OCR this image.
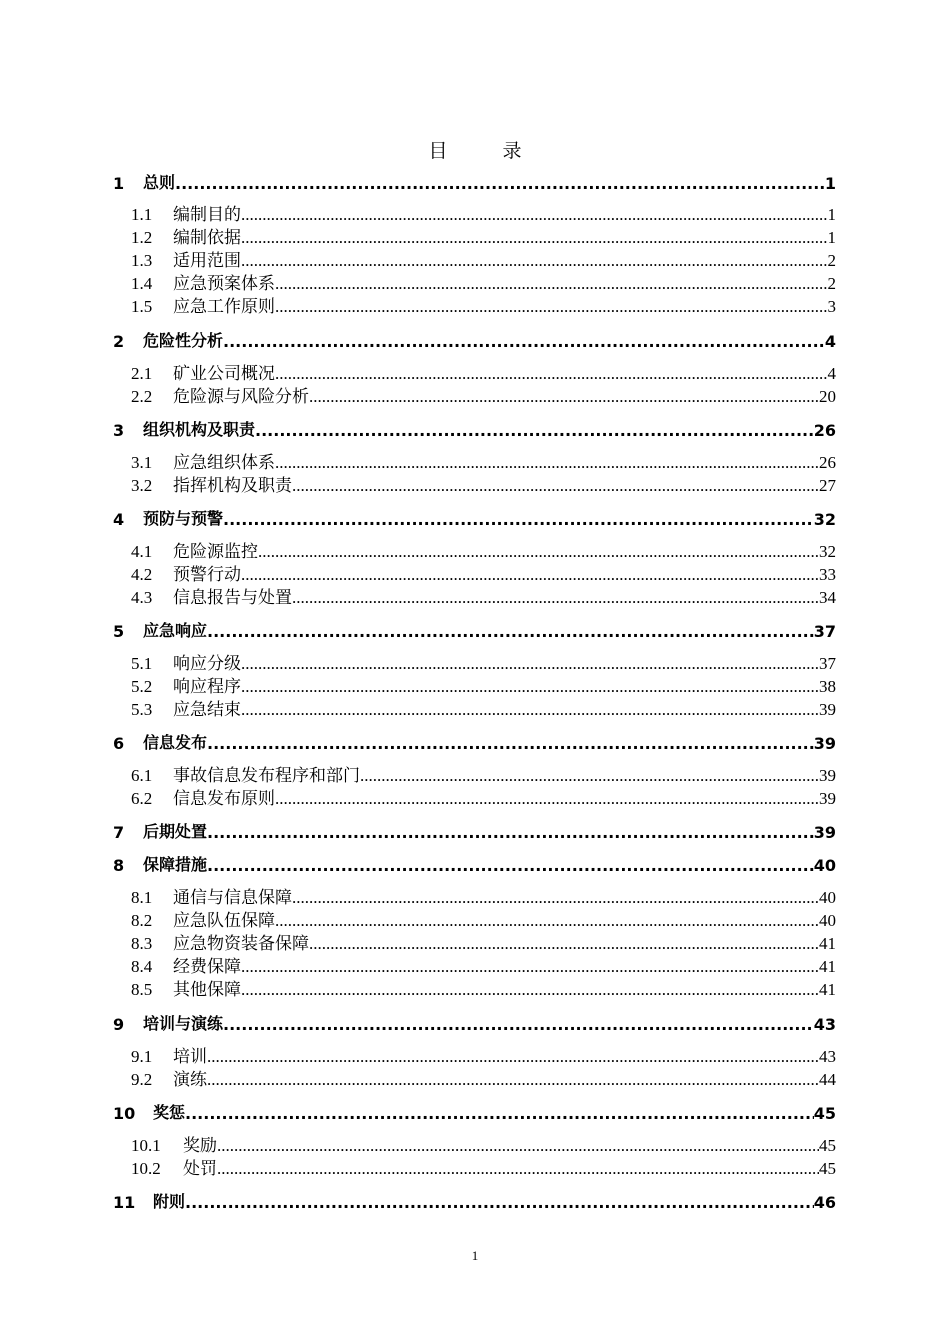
目　录
1	总则 .....	1
1.1	编制目的 .....	1
1.2	编制依据 .....	1
1.3	适用范围 .....	2
1.4	应急预案体系 .....	2
1.5	应急工作原则 .....	3
2	危险性分析 .....	4
2.1	矿业公司概况 .....	4
2.2	危险源与风险分析 .....	20
3	组织机构及职责 .....	26
3.1	应急组织体系 .....	26
3.2	指挥机构及职责 .....	27
4	预防与预警 .....	32
4.1	危险源监控 .....	32
4.2	预警行动 .....	33
4.3	信息报告与处置 .....	34
5	应急响应 .....	37
5.1	响应分级 .....	37
5.2	响应程序 .....	38
5.3	应急结束 .....	39
6	信息发布 .....	39
6.1	事故信息发布程序和部门 .....	39
6.2	信息发布原则 .....	39
7	后期处置 .....	39
8	保障措施 .....	40
8.1	通信与信息保障 .....	40
8.2	应急队伍保障 .....	40
8.3	应急物资装备保障 .....	41
8.4	经费保障 .....	41
8.5	其他保障 .....	41
9	培训与演练 .....	43
9.1	培训 .....	43
9.2	演练 .....	44
10	奖惩 .....	45
10.1	奖励 .....	45
10.2	处罚 .....	45
11	附则 .....	46
1
